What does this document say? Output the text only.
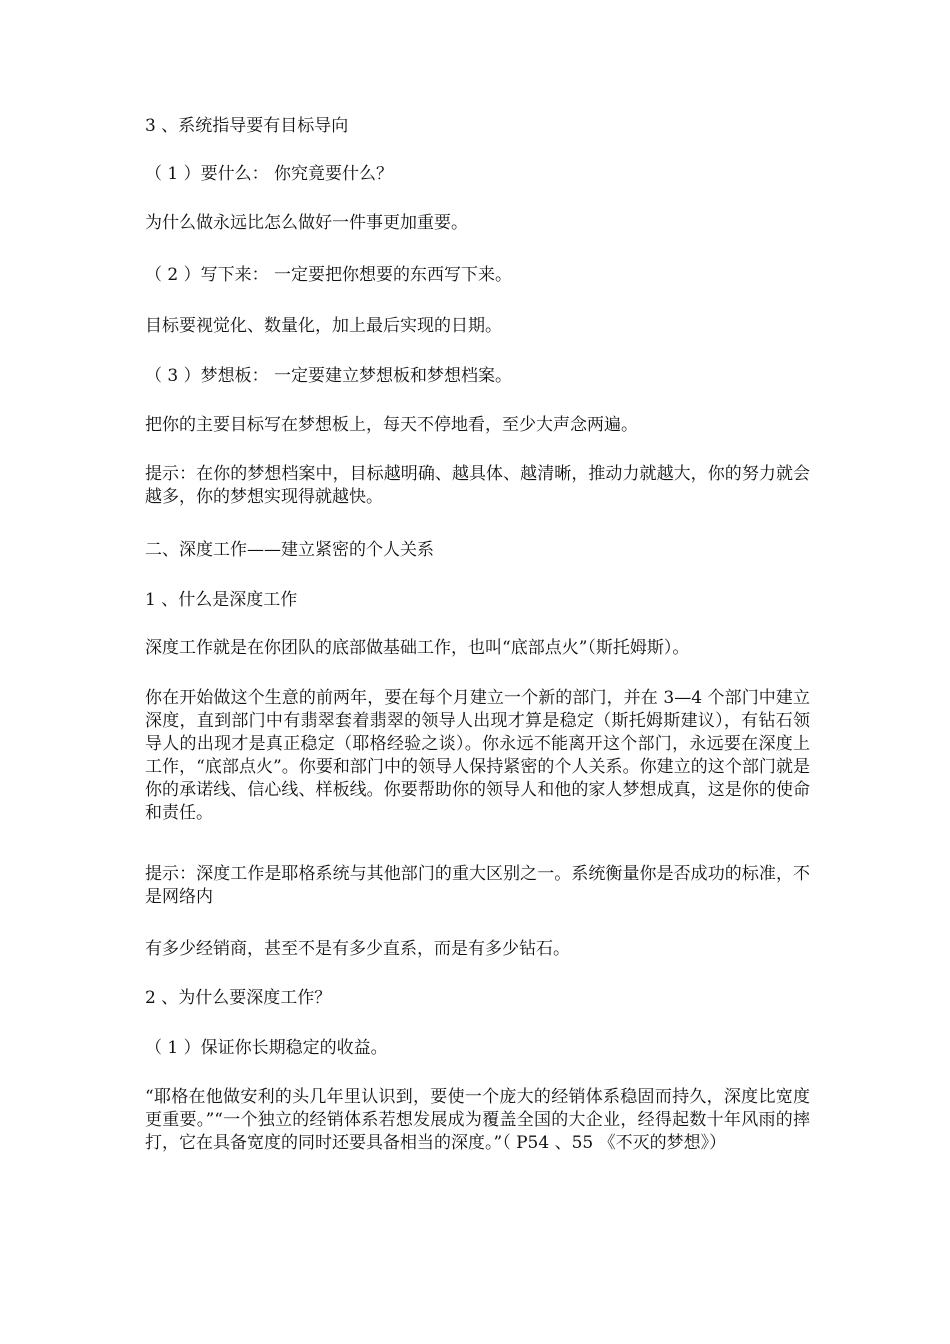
3 、系统指导要有目标导向

（ 1 ）要什么： 你究竟要什么？

为什么做永远比怎么做好一件事更加重要。

（ 2 ）写下来： 一定要把你想要的东西写下来。

目标要视觉化、数量化，加上最后实现的日期。

（ 3 ）梦想板： 一定要建立梦想板和梦想档案。

把你的主要目标写在梦想板上，每天不停地看，至少大声念两遍。

提示：在你的梦想档案中，目标越明确、越具体、越清晰，推动力就越大，你的努力就会越多，你的梦想实现得就越快。

二、深度工作——建立紧密的个人关系

1 、什么是深度工作

深度工作就是在你团队的底部做基础工作，也叫“底部点火”（斯托姆斯）。

你在开始做这个生意的前两年，要在每个月建立一个新的部门，并在 3—4 个部门中建立深度，直到部门中有翡翠套着翡翠的领导人出现才算是稳定（斯托姆斯建议），有钻石领导人的出现才是真正稳定（耶格经验之谈）。你永远不能离开这个部门，永远要在深度上工作，“底部点火”。你要和部门中的领导人保持紧密的个人关系。你建立的这个部门就是你的承诺线、信心线、样板线。你要帮助你的领导人和他的家人梦想成真，这是你的使命和责任。

提示：深度工作是耶格系统与其他部门的重大区别之一。系统衡量你是否成功的标准，不是网络内

有多少经销商，甚至不是有多少直系，而是有多少钻石。

2 、为什么要深度工作？

（ 1 ）保证你长期稳定的收益。

“耶格在他做安利的头几年里认识到，要使一个庞大的经销体系稳固而持久，深度比宽度更重要。”“一个独立的经销体系若想发展成为覆盖全国的大企业，经得起数十年风雨的摔打，它在具备宽度的同时还要具备相当的深度。”（ P54 、55 《不灭的梦想》）
